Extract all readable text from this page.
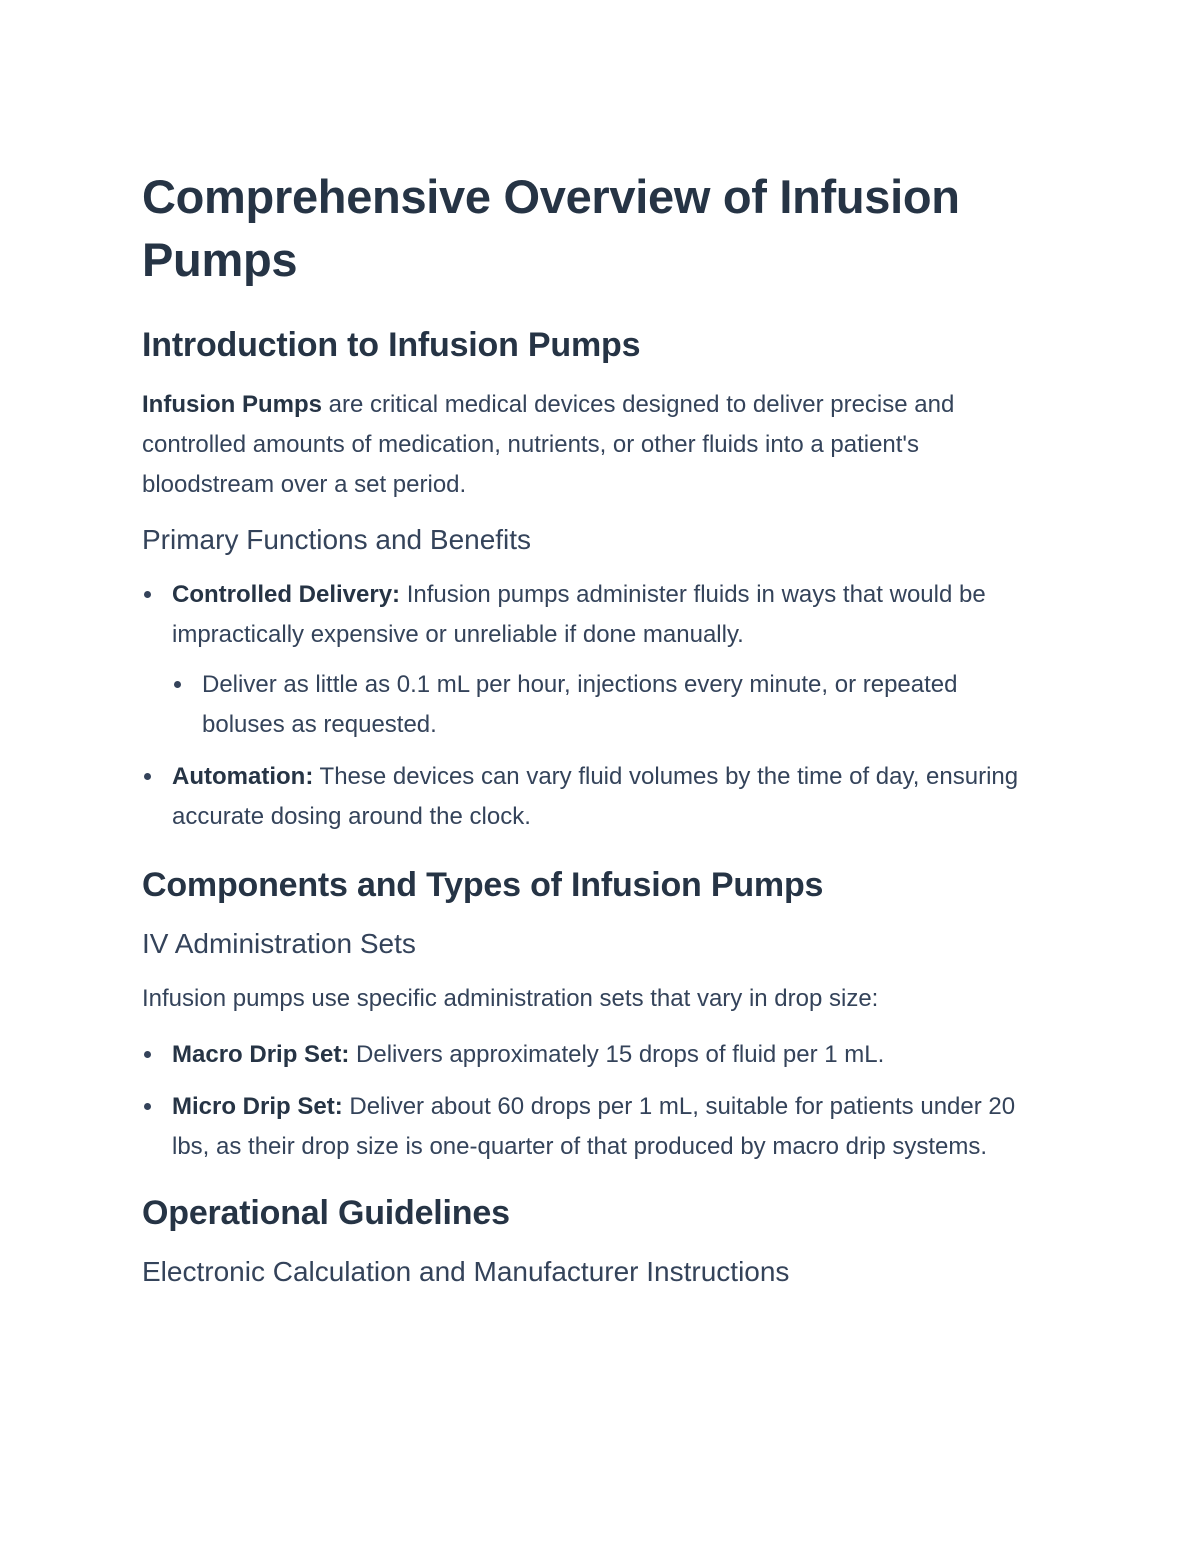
Comprehensive Overview of Infusion Pumps
Introduction to Infusion Pumps

Infusion Pumps are critical medical devices designed to deliver precise and controlled amounts of medication, nutrients, or other fluids into a patient's bloodstream over a set period.

Primary Functions and Benefits
Controlled Delivery: Infusion pumps administer fluids in ways that would be impractically expensive or unreliable if done manually.
Deliver as little as 0.1 mL per hour, injections every minute, or repeated boluses as requested.
Automation: These devices can vary fluid volumes by the time of day, ensuring accurate dosing around the clock.
Components and Types of Infusion Pumps
IV Administration Sets

Infusion pumps use specific administration sets that vary in drop size:

Macro Drip Set: Delivers approximately 15 drops of fluid per 1 mL.
Micro Drip Set: Deliver about 60 drops per 1 mL, suitable for patients under 20 lbs, as their drop size is one-quarter of that produced by macro drip systems.
Operational Guidelines
Electronic Calculation and Manufacturer Instructions
